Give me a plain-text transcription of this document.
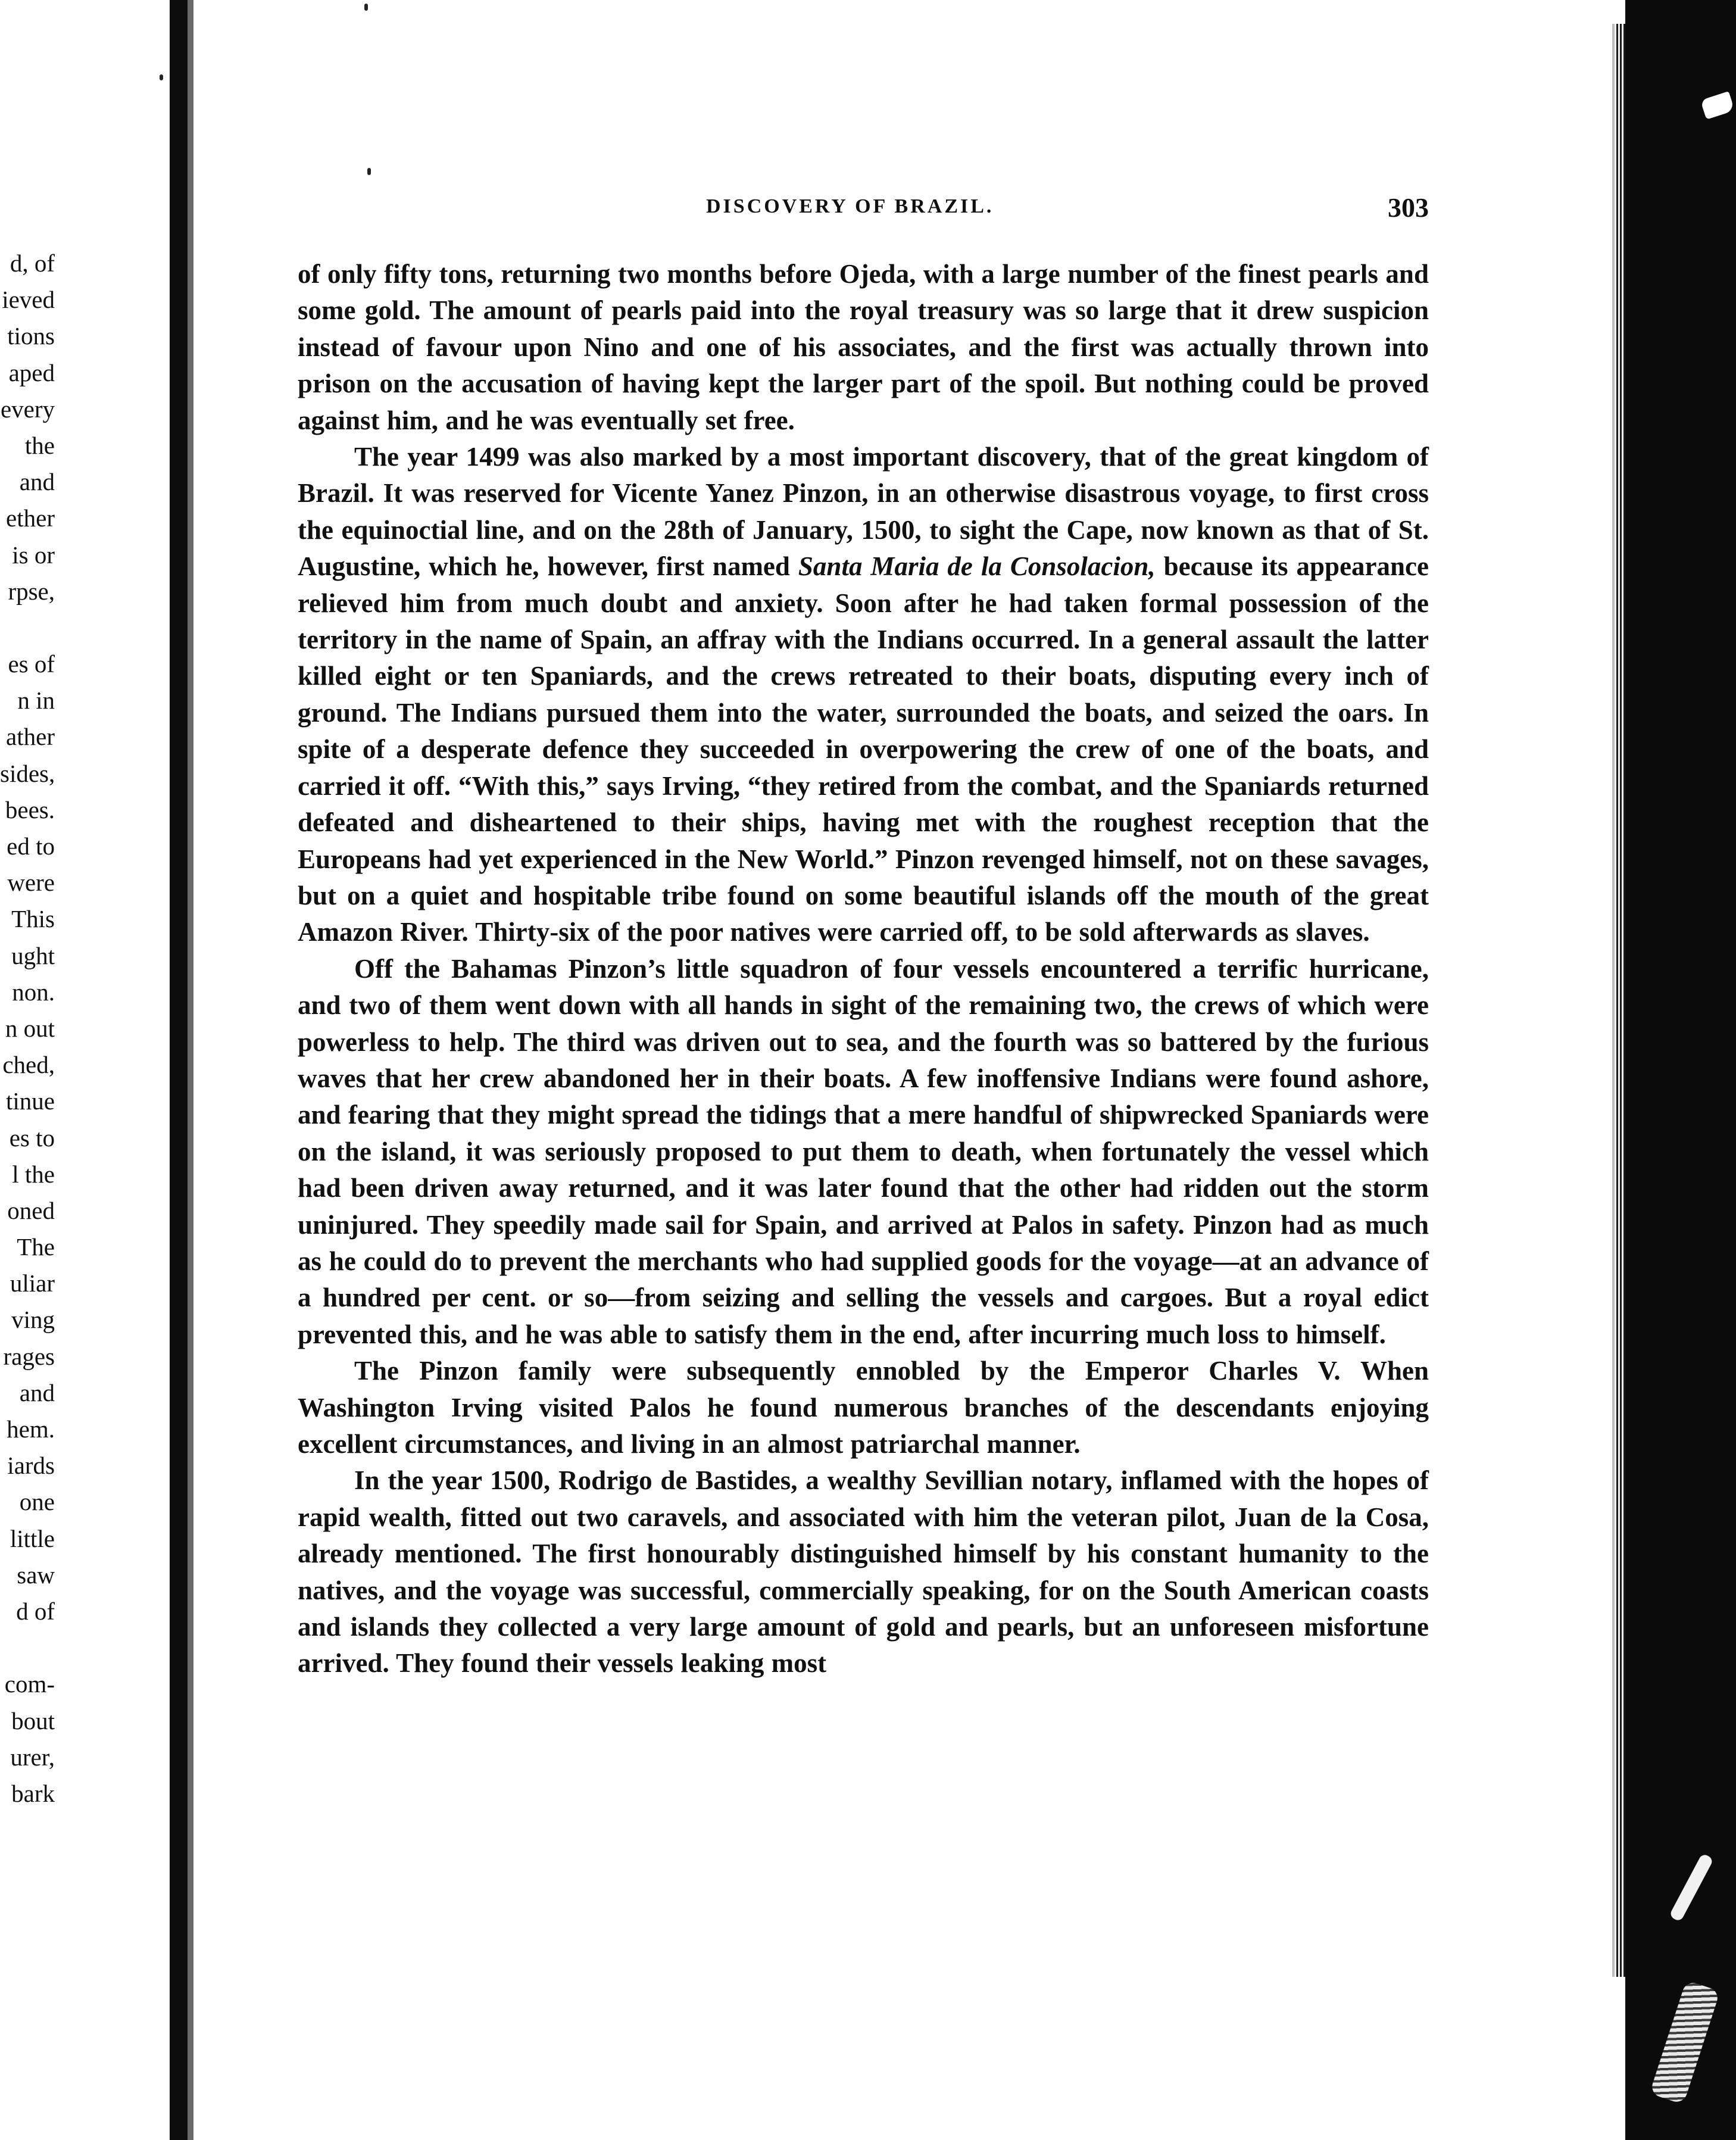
d, of
ieved
tions
aped
every
the
and
ether
is or
rpse,
es of
n in
ather
sides,
bees.
ed to
were
This
ught
non.
n out
ched,
tinue
es to
l the
oned
The
uliar
ving
rages
and
hem.
iards
one
little
saw
d of
com-
bout
urer,
bark
DISCOVERY OF BRAZIL.	303

of only fifty tons, returning two months before Ojeda, with a large number of the finest pearls and some gold. The amount of pearls paid into the royal treasury was so large that it drew suspicion instead of favour upon Nino and one of his associates, and the first was actually thrown into prison on the accusation of having kept the larger part of the spoil. But nothing could be proved against him, and he was eventually set free.

The year 1499 was also marked by a most important discovery, that of the great kingdom of Brazil. It was reserved for Vicente Yanez Pinzon, in an otherwise disastrous voyage, to first cross the equinoctial line, and on the 28th of January, 1500, to sight the Cape, now known as that of St. Augustine, which he, however, first named Santa Maria de la Consolacion, because its appearance relieved him from much doubt and anxiety. Soon after he had taken formal possession of the territory in the name of Spain, an affray with the Indians occurred. In a general assault the latter killed eight or ten Spaniards, and the crews retreated to their boats, disputing every inch of ground. The Indians pursued them into the water, surrounded the boats, and seized the oars. In spite of a desperate defence they succeeded in overpowering the crew of one of the boats, and carried it off. “With this,” says Irving, “they retired from the combat, and the Spaniards returned defeated and disheartened to their ships, having met with the roughest reception that the Europeans had yet experienced in the New World.” Pinzon revenged himself, not on these savages, but on a quiet and hospitable tribe found on some beautiful islands off the mouth of the great Amazon River. Thirty-six of the poor natives were carried off, to be sold afterwards as slaves.

Off the Bahamas Pinzon’s little squadron of four vessels encountered a terrific hurricane, and two of them went down with all hands in sight of the remaining two, the crews of which were powerless to help. The third was driven out to sea, and the fourth was so battered by the furious waves that her crew abandoned her in their boats. A few inoffensive Indians were found ashore, and fearing that they might spread the tidings that a mere handful of shipwrecked Spaniards were on the island, it was seriously proposed to put them to death, when fortunately the vessel which had been driven away returned, and it was later found that the other had ridden out the storm uninjured. They speedily made sail for Spain, and arrived at Palos in safety. Pinzon had as much as he could do to prevent the merchants who had supplied goods for the voyage—at an advance of a hundred per cent. or so—from seizing and selling the vessels and cargoes. But a royal edict prevented this, and he was able to satisfy them in the end, after incurring much loss to himself.

The Pinzon family were subsequently ennobled by the Emperor Charles V. When Washington Irving visited Palos he found numerous branches of the descendants enjoying excellent circumstances, and living in an almost patriarchal manner.

In the year 1500, Rodrigo de Bastides, a wealthy Sevillian notary, inflamed with the hopes of rapid wealth, fitted out two caravels, and associated with him the veteran pilot, Juan de la Cosa, already mentioned. The first honourably distinguished himself by his constant humanity to the natives, and the voyage was successful, commercially speaking, for on the South American coasts and islands they collected a very large amount of gold and pearls, but an unforeseen misfortune arrived. They found their vessels leaking most
